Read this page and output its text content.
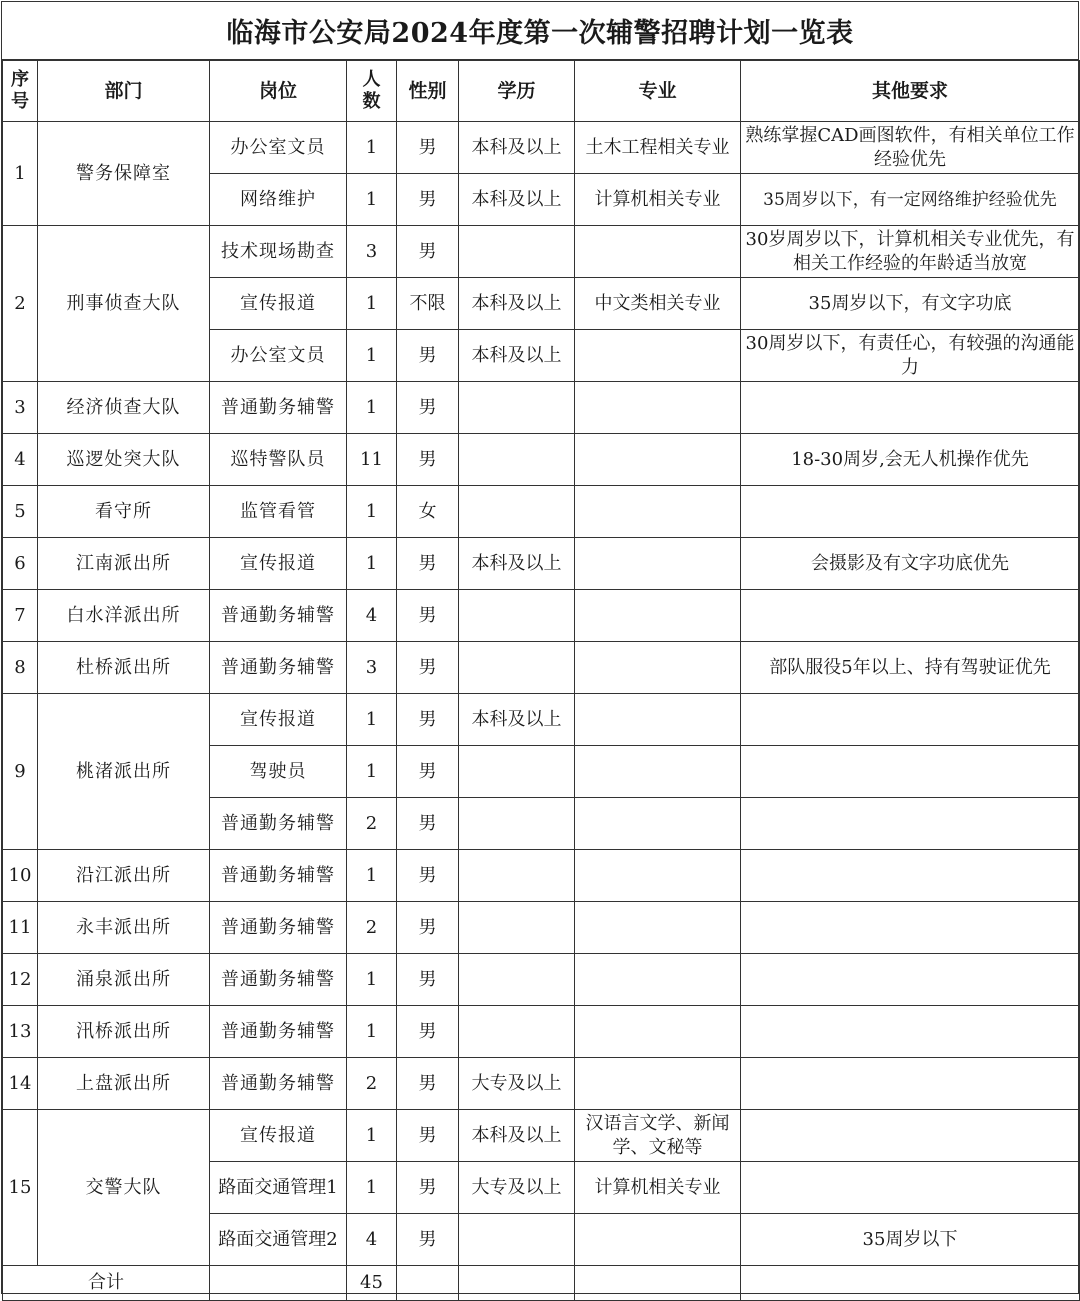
临海市公安局2024年度第一次辅警招聘计划一览表
序号	部门	岗位	人数	性别	学历	专业	其他要求
1	警务保障室	办公室文员	1	男	本科及以上	土木工程相关专业	熟练掌握CAD画图软件，有相关单位工作经验优先
		网络维护	1	男	本科及以上	计算机相关专业	35周岁以下，有一定网络维护经验优先
2	刑事侦查大队	技术现场勘查	3	男			30岁周岁以下，计算机相关专业优先，有相关工作经验的年龄适当放宽
		宣传报道	1	不限	本科及以上	中文类相关专业	35周岁以下，有文字功底
		办公室文员	1	男	本科及以上		30周岁以下，有责任心，有较强的沟通能力
3	经济侦查大队	普通勤务辅警	1	男			
4	巡逻处突大队	巡特警队员	11	男			18-30周岁,会无人机操作优先
5	看守所	监管看管	1	女			
6	江南派出所	宣传报道	1	男	本科及以上		会摄影及有文字功底优先
7	白水洋派出所	普通勤务辅警	4	男			
8	杜桥派出所	普通勤务辅警	3	男			部队服役5年以上、持有驾驶证优先
9	桃渚派出所	宣传报道	1	男	本科及以上		
		驾驶员	1	男			
		普通勤务辅警	2	男			
10	沿江派出所	普通勤务辅警	1	男			
11	永丰派出所	普通勤务辅警	2	男			
12	涌泉派出所	普通勤务辅警	1	男			
13	汛桥派出所	普通勤务辅警	1	男			
14	上盘派出所	普通勤务辅警	2	男	大专及以上		
15	交警大队	宣传报道	1	男	本科及以上	汉语言文学、新闻学、文秘等	
		路面交通管理1	1	男	大专及以上	计算机相关专业	
		路面交通管理2	4	男			35周岁以下
合计			45				
